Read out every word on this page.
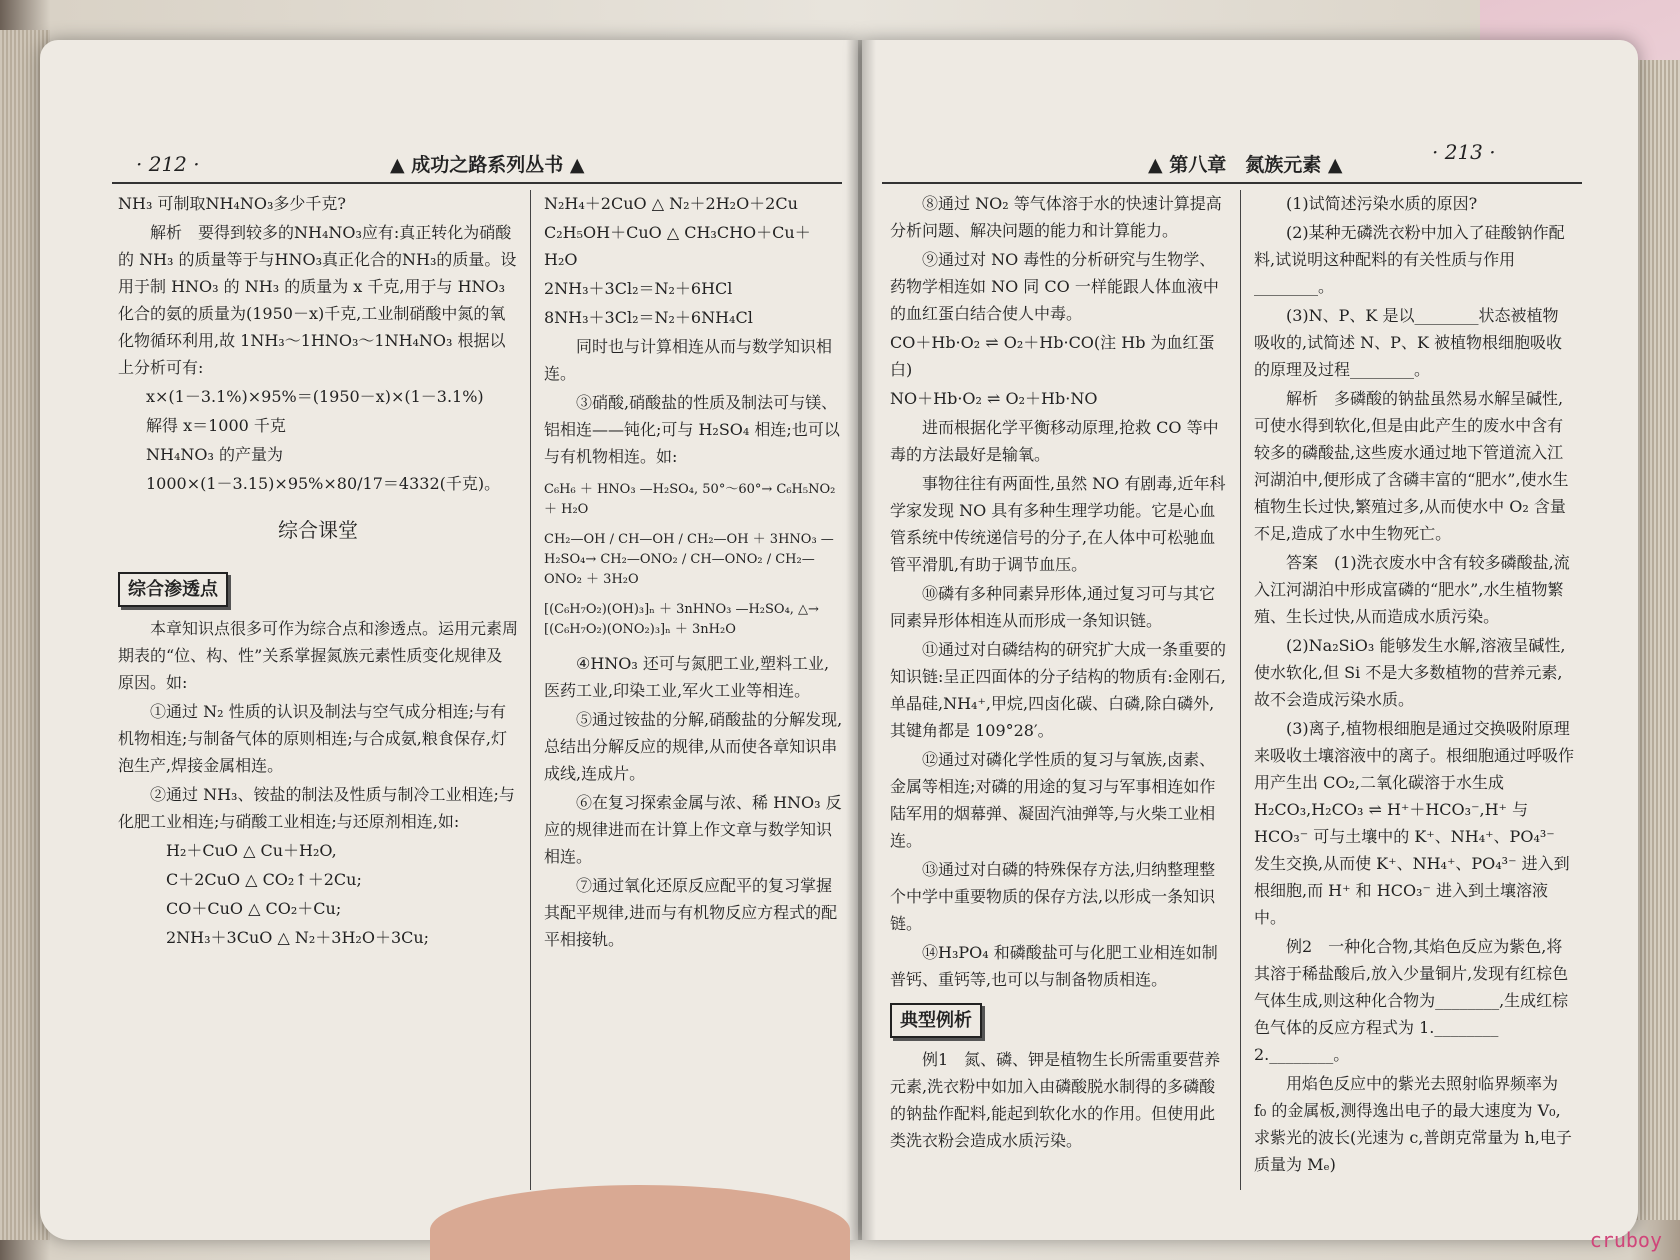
· 212 ·	▲ 成功之路系列丛书 ▲

NH₃ 可制取NH₄NO₃多少千克?

解析　要得到较多的NH₄NO₃应有:真正转化为硝酸的 NH₃ 的质量等于与HNO₃真正化合的NH₃的质量。设用于制 HNO₃ 的 NH₃ 的质量为 x 千克,用于与 HNO₃ 化合的氨的质量为(1950－x)千克,工业制硝酸中氮的氧化物循环利用,故 1NH₃～1HNO₃～1NH₄NO₃ 根据以上分析可有:

x×(1－3.1%)×95%＝(1950－x)×(1－3.1%)

解得 x＝1000 千克

NH₄NO₃ 的产量为

1000×(1－3.15)×95%×80/17＝4332(千克)。

综合课堂
综合渗透点

本章知识点很多可作为综合点和渗透点。运用元素周期表的“位、构、性”关系掌握氮族元素性质变化规律及原因。如:

①通过 N₂ 性质的认识及制法与空气成分相连;与有机物相连;与制备气体的原则相连;与合成氨,粮食保存,灯泡生产,焊接金属相连。

②通过 NH₃、铵盐的制法及性质与制冷工业相连;与化肥工业相连;与硝酸工业相连;与还原剂相连,如:

H₂＋CuO △ Cu＋H₂O,

C＋2CuO △ CO₂↑＋2Cu;

CO＋CuO △ CO₂＋Cu;

2NH₃＋3CuO △ N₂＋3H₂O＋3Cu;

N₂H₄＋2CuO △ N₂＋2H₂O＋2Cu

C₂H₅OH＋CuO △ CH₃CHO＋Cu＋H₂O

2NH₃＋3Cl₂＝N₂＋6HCl

8NH₃＋3Cl₂＝N₂＋6NH₄Cl

同时也与计算相连从而与数学知识相连。

③硝酸,硝酸盐的性质及制法可与镁、铝相连——钝化;可与 H₂SO₄ 相连;也可以与有机物相连。如:

C₆H₆ ＋ HNO₃ —H₂SO₄, 50°～60°→ C₆H₅NO₂ ＋ H₂O

CH₂—OH / CH—OH / CH₂—OH ＋ 3HNO₃ —H₂SO₄→ CH₂—ONO₂ / CH—ONO₂ / CH₂—ONO₂ ＋ 3H₂O

[(C₆H₇O₂)(OH)₃]ₙ ＋ 3nHNO₃ —H₂SO₄, △→ [(C₆H₇O₂)(ONO₂)₃]ₙ ＋ 3nH₂O

④HNO₃ 还可与氮肥工业,塑料工业,医药工业,印染工业,军火工业等相连。

⑤通过铵盐的分解,硝酸盐的分解发现,总结出分解反应的规律,从而使各章知识串成线,连成片。

⑥在复习探索金属与浓、稀 HNO₃ 反应的规律进而在计算上作文章与数学知识相连。

⑦通过氧化还原反应配平的复习掌握其配平规律,进而与有机物反应方程式的配平相接轨。

▲ 第八章　氮族元素 ▲
· 213 ·

⑧通过 NO₂ 等气体溶于水的快速计算提高分析问题、解决问题的能力和计算能力。

⑨通过对 NO 毒性的分析研究与生物学、药物学相连如 NO 同 CO 一样能跟人体血液中的血红蛋白结合使人中毒。

CO＋Hb·O₂ ⇌ O₂＋Hb·CO(注 Hb 为血红蛋白)

NO＋Hb·O₂ ⇌ O₂＋Hb·NO

进而根据化学平衡移动原理,抢救 CO 等中毒的方法最好是输氧。

事物往往有两面性,虽然 NO 有剧毒,近年科学家发现 NO 具有多种生理学功能。它是心血管系统中传统递信号的分子,在人体中可松驰血管平滑肌,有助于调节血压。

⑩磷有多种同素异形体,通过复习可与其它同素异形体相连从而形成一条知识链。

⑪通过对白磷结构的研究扩大成一条重要的知识链:呈正四面体的分子结构的物质有:金刚石,单晶硅,NH₄⁺,甲烷,四卤化碳、白磷,除白磷外,其键角都是 109°28′。

⑫通过对磷化学性质的复习与氧族,卤素、金属等相连;对磷的用途的复习与军事相连如作陆军用的烟幕弹、凝固汽油弹等,与火柴工业相连。

⑬通过对白磷的特殊保存方法,归纳整理整个中学中重要物质的保存方法,以形成一条知识链。

⑭H₃PO₄ 和磷酸盐可与化肥工业相连如制普钙、重钙等,也可以与制备物质相连。

典型例析

例1　氮、磷、钾是植物生长所需重要营养元素,洗衣粉中如加入由磷酸脱水制得的多磷酸的钠盐作配料,能起到软化水的作用。但使用此类洗衣粉会造成水质污染。

(1)试简述污染水质的原因?

(2)某种无磷洗衣粉中加入了硅酸钠作配料,试说明这种配料的有关性质与作用________。

(3)N、P、K 是以________状态被植物吸收的,试简述 N、P、K 被植物根细胞吸收的原理及过程________。

解析　多磷酸的钠盐虽然易水解呈碱性,可使水得到软化,但是由此产生的废水中含有较多的磷酸盐,这些废水通过地下管道流入江河湖泊中,便形成了含磷丰富的“肥水”,使水生植物生长过快,繁殖过多,从而使水中 O₂ 含量不足,造成了水中生物死亡。

答案　(1)洗衣废水中含有较多磷酸盐,流入江河湖泊中形成富磷的“肥水”,水生植物繁殖、生长过快,从而造成水质污染。

(2)Na₂SiO₃ 能够发生水解,溶液呈碱性,使水软化,但 Si 不是大多数植物的营养元素,故不会造成污染水质。

(3)离子,植物根细胞是通过交换吸附原理来吸收土壤溶液中的离子。根细胞通过呼吸作用产生出 CO₂,二氧化碳溶于水生成 H₂CO₃,H₂CO₃ ⇌ H⁺＋HCO₃⁻,H⁺ 与 HCO₃⁻ 可与土壤中的 K⁺、NH₄⁺、PO₄³⁻ 发生交换,从而使 K⁺、NH₄⁺、PO₄³⁻ 进入到根细胞,而 H⁺ 和 HCO₃⁻ 进入到土壤溶液中。

例2　一种化合物,其焰色反应为紫色,将其溶于稀盐酸后,放入少量铜片,发现有红棕色气体生成,则这种化合物为________,生成红棕色气体的反应方程式为 1.________ 2.________。

用焰色反应中的紫光去照射临界频率为 f₀ 的金属板,测得逸出电子的最大速度为 V₀,求紫光的波长(光速为 c,普朗克常量为 h,电子质量为 Mₑ)

cruboy
